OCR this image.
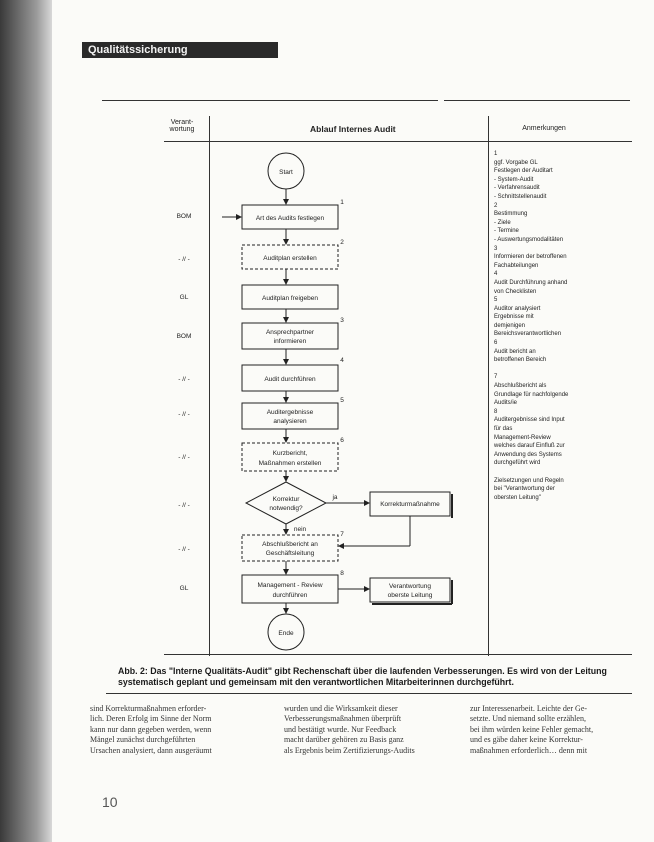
Qualitätssicherung
Verant-
wortung	Ablauf Internes Audit	Anmerkungen
BOM
- // -
GL
BOM
- // -
- // -
- // -
- // -
- // -
GL
Start
Art des Audits festlegen
Auditplan erstellen
Auditplan freigeben
Ansprechpartner
informieren
Audit durchführen
Auditergebnisse
analysieren
Kurzbericht,
Maßnahmen erstellen
Korrektur
notwendig?
Abschlußbericht an
Geschäftsleitung
Management - Review
durchführen
Korrekturmaßnahme
Verantwortung
oberste Leitung
Ende
ja
nein
1
2
3
4
5
6
7
8
1
ggf. Vorgabe GL
Festlegen der Auditart
- System-Audit
- Verfahrensaudit
- Schnittstellenaudit
2
Bestimmung
- Ziele
- Termine
- Auswertungsmodalitäten
3
Informieren der betroffenen
Fachabteilungen
4
Audit Durchführung anhand
von Checklisten
5
Auditor analysiert
Ergebnisse mit
demjenigen
Bereichsverantwortlichen
6
Audit bericht an
betroffenen Bereich

7
Abschlußbericht als
Grundlage für nachfolgende
Audits/ie
8
Auditergebnisse sind Input
für das
Management-Review
welches darauf Einfluß zur
Anwendung des Systems
durchgeführt wird

Zielsetzungen und Regeln
bei "Verantwortung der
obersten Leitung"
Abb. 2: Das "Interne Qualitäts-Audit" gibt Rechenschaft über die laufenden Verbesserungen. Es wird von der Leitung systematisch geplant und gemeinsam mit den verantwortlichen Mitarbeiterinnen durchgeführt.
sind Korrekturmaßnahmen erforder-
lich. Deren Erfolg im Sinne der Norm
kann nur dann gegeben werden, wenn
Mängel zunächst durchgeführten
Ursachen analysiert, dann ausgeräumt
wurden und die Wirksamkeit dieser
Verbesserungsmaßnahmen überprüft
und bestätigt wurde. Nur Feedback
macht darüber gehören zu Basis ganz
als Ergebnis beim Zertifizierungs-Audits
zur Interessenarbeit. Leichte der Ge-
setzte. Und niemand sollte erzählen,
bei ihm würden keine Fehler gemacht,
und es gäbe daher keine Korrektur-
maßnahmen erforderlich… denn mit
10
